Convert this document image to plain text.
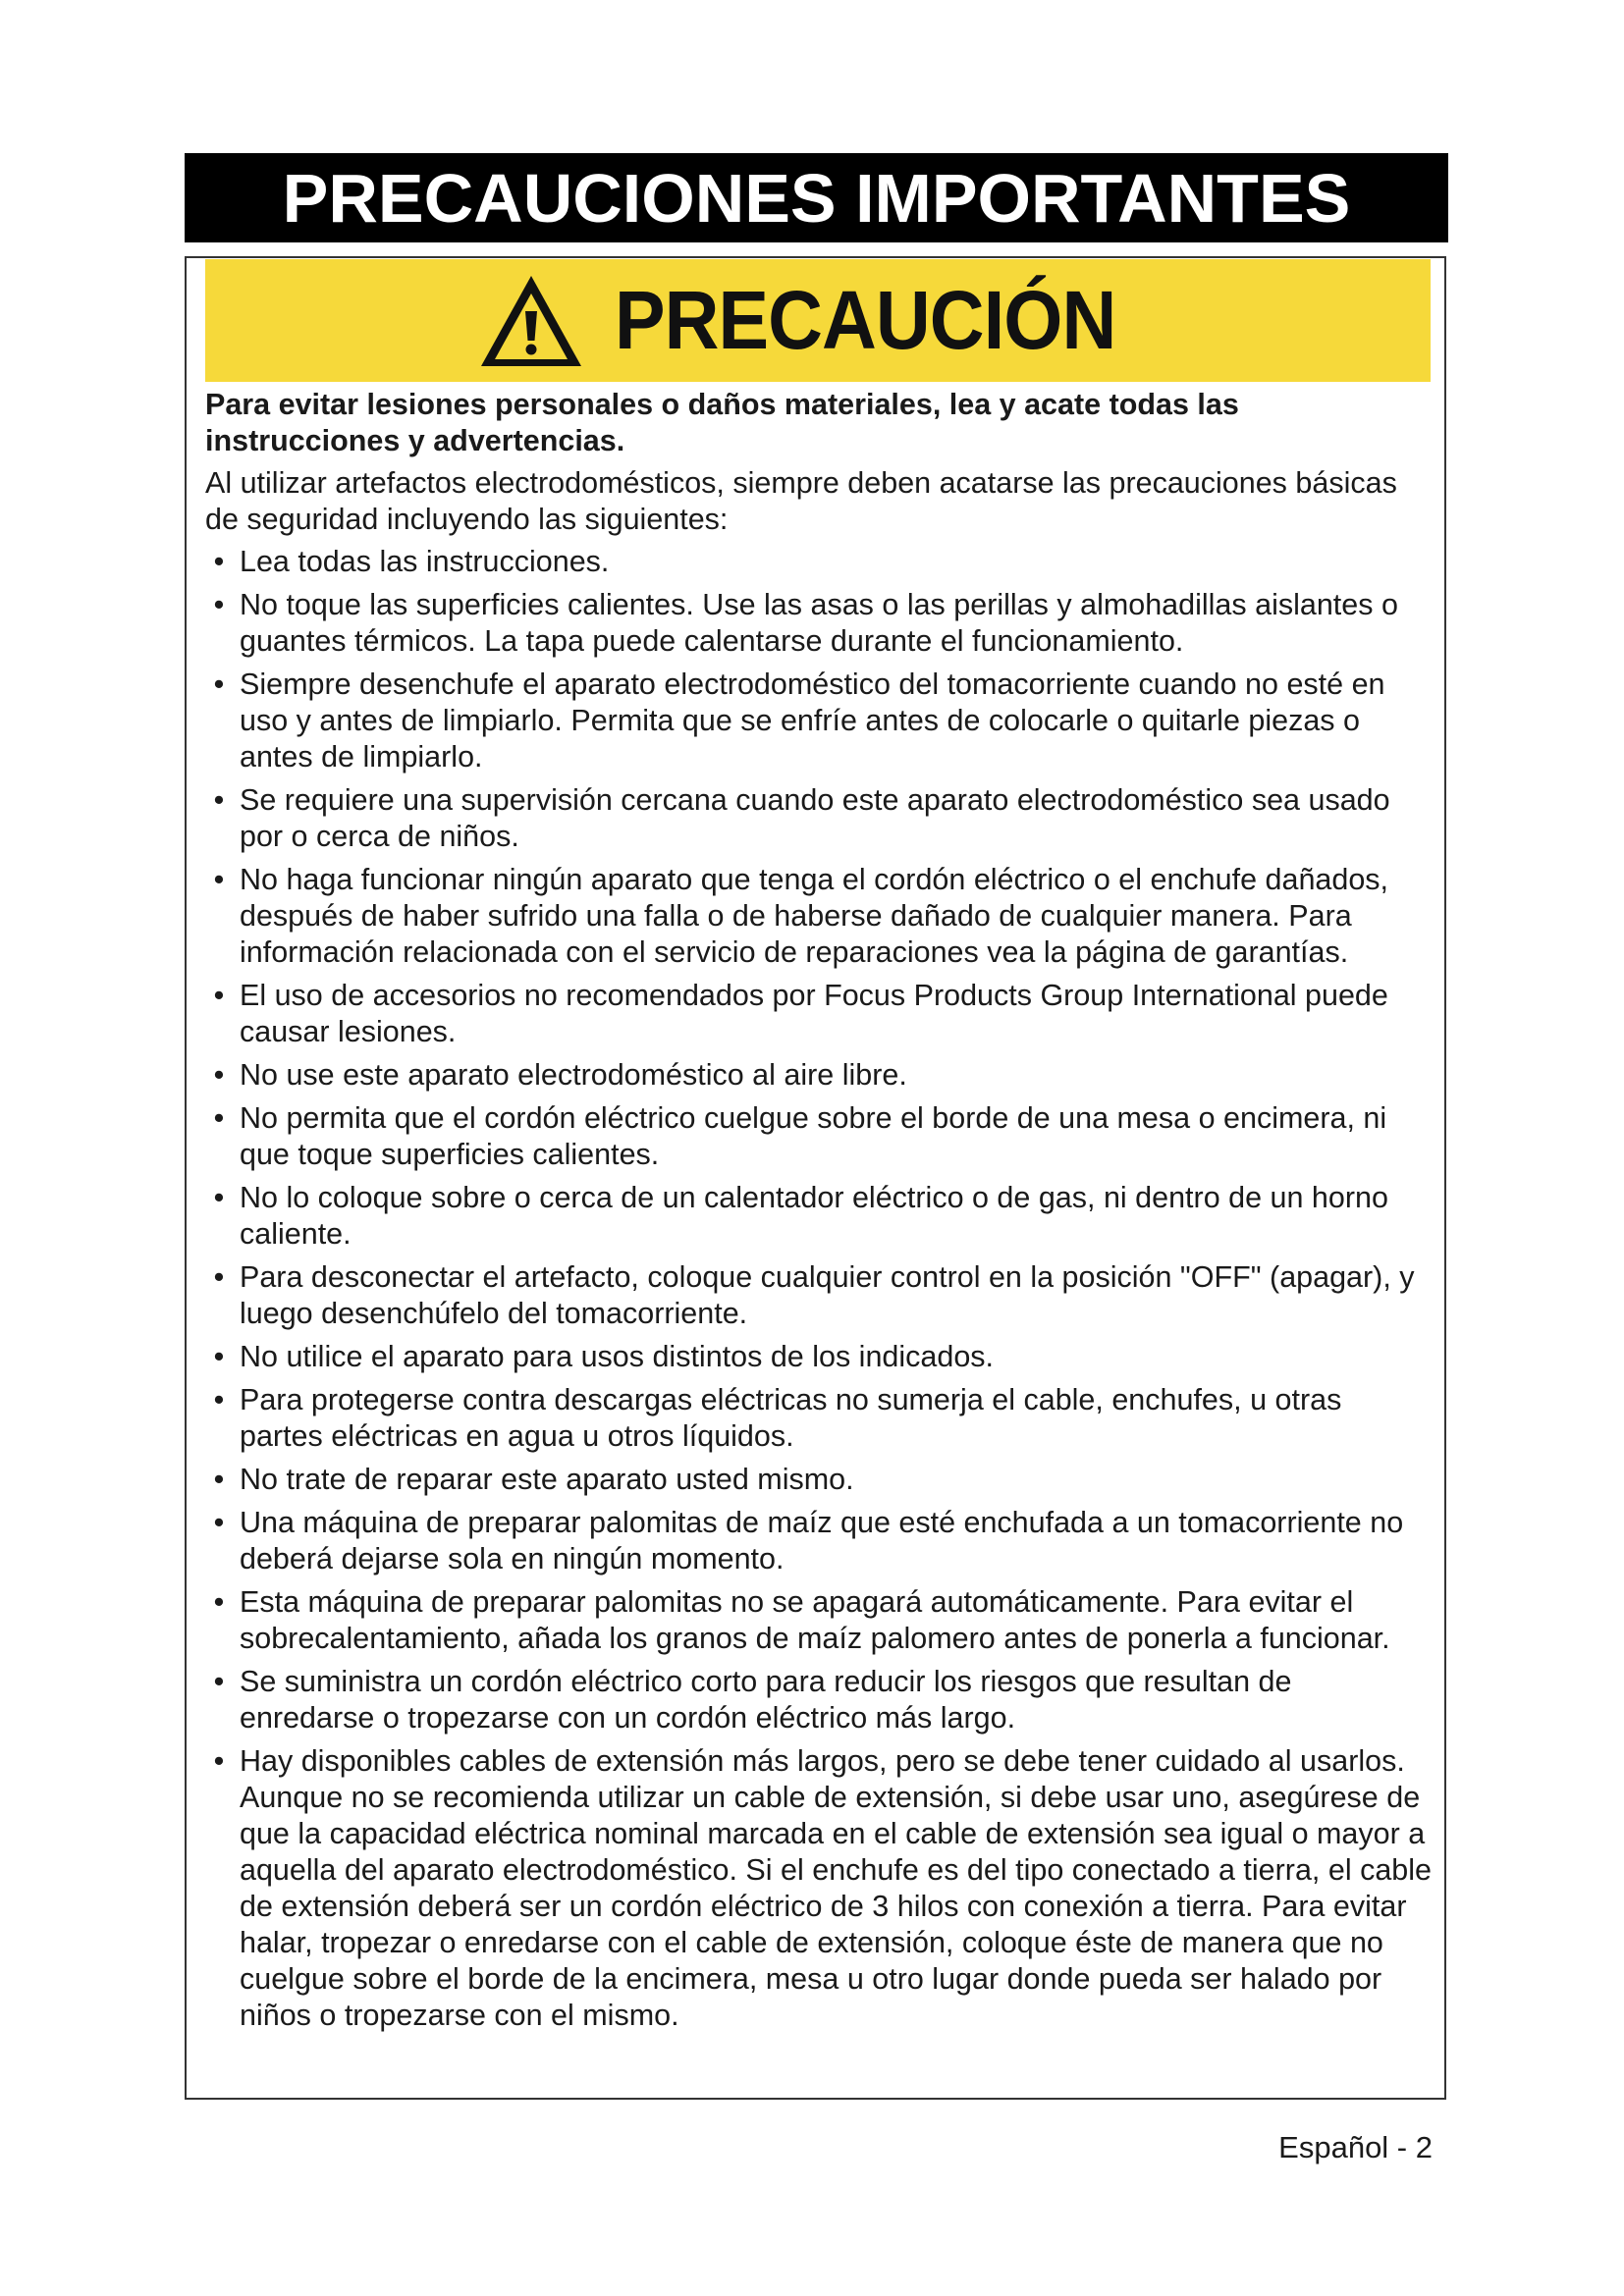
PRECAUCIONES IMPORTANTES
PRECAUCIÓN

Para evitar lesiones personales o daños materiales, lea y acate todas las instrucciones y advertencias.

Al utilizar artefactos electrodomésticos, siempre deben acatarse las precauciones básicas de seguridad incluyendo las siguientes:

• Lea todas las instrucciones.
• No toque las superficies calientes. Use las asas o las perillas y almohadillas aislantes o guantes térmicos. La tapa puede calentarse durante el funcionamiento.
• Siempre desenchufe el aparato electrodoméstico del tomacorriente cuando no esté en uso y antes de limpiarlo. Permita que se enfríe antes de colocarle o quitarle piezas o antes de limpiarlo.
• Se requiere una supervisión cercana cuando este aparato electrodoméstico sea usado por o cerca de niños.
• No haga funcionar ningún aparato que tenga el cordón eléctrico o el enchufe dañados, después de haber sufrido una falla o de haberse dañado de cualquier manera. Para información relacionada con el servicio de reparaciones vea la página de garantías.
• El uso de accesorios no recomendados por Focus Products Group International puede causar lesiones.
• No use este aparato electrodoméstico al aire libre.
• No permita que el cordón eléctrico cuelgue sobre el borde de una mesa o encimera, ni que toque superficies calientes.
• No lo coloque sobre o cerca de un calentador eléctrico o de gas, ni dentro de un horno caliente.
• Para desconectar el artefacto, coloque cualquier control en la posición "OFF" (apagar), y luego desenchúfelo del tomacorriente.
• No utilice el aparato para usos distintos de los indicados.
• Para protegerse contra descargas eléctricas no sumerja el cable, enchufes, u otras partes eléctricas en agua u otros líquidos.
• No trate de reparar este aparato usted mismo.
• Una máquina de preparar palomitas de maíz que esté enchufada a un tomacorriente no deberá dejarse sola en ningún momento.
• Esta máquina de preparar palomitas no se apagará automáticamente. Para evitar el sobrecalentamiento, añada los granos de maíz palomero antes de ponerla a funcionar.
• Se suministra un cordón eléctrico corto para reducir los riesgos que resultan de enredarse o tropezarse con un cordón eléctrico más largo.
• Hay disponibles cables de extensión más largos, pero se debe tener cuidado al usarlos. Aunque no se recomienda utilizar un cable de extensión, si debe usar uno, asegúrese de que la capacidad eléctrica nominal marcada en el cable de extensión sea igual o mayor a aquella del aparato electrodoméstico. Si el enchufe es del tipo conectado a tierra, el cable de extensión deberá ser un cordón eléctrico de 3 hilos con conexión a tierra. Para evitar halar, tropezar o enredarse con el cable de extensión, coloque éste de manera que no cuelgue sobre el borde de la encimera, mesa u otro lugar donde pueda ser halado por niños o tropezarse con el mismo.
Español - 2
